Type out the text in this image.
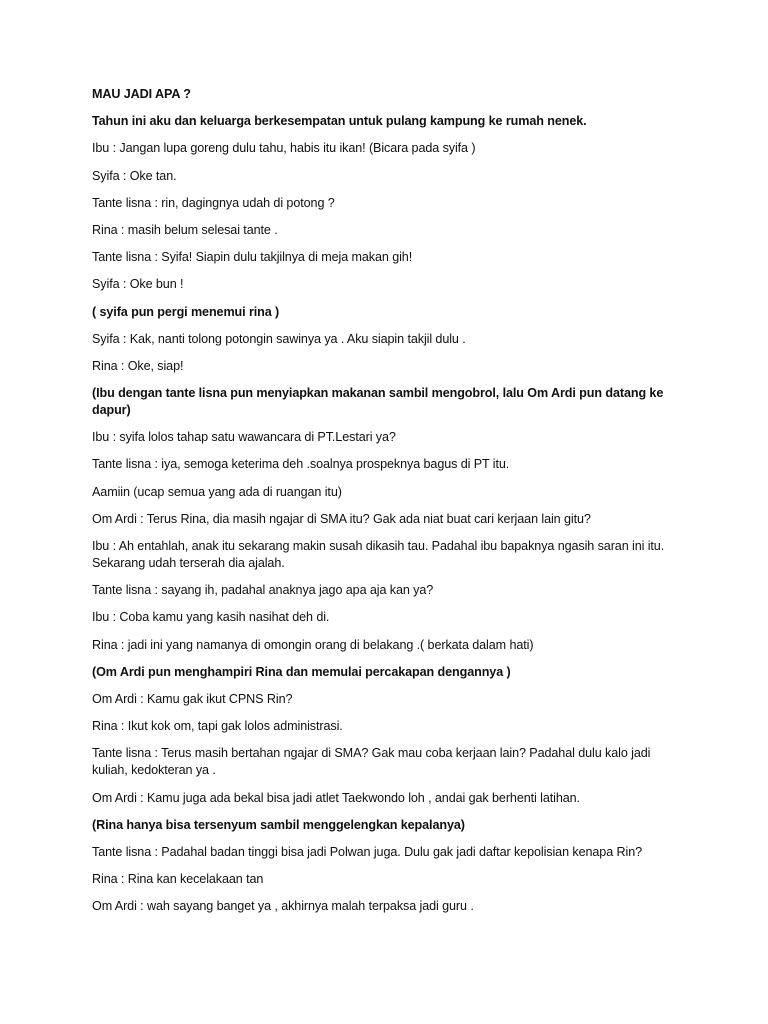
MAU JADI APA ?

Tahun ini aku dan keluarga berkesempatan untuk pulang kampung ke rumah nenek.

Ibu : Jangan lupa goreng dulu tahu, habis itu ikan! (Bicara pada syifa )

Syifa : Oke tan.

Tante lisna : rin, dagingnya udah di potong ?

Rina : masih belum selesai tante .

Tante lisna : Syifa! Siapin dulu takjilnya di meja makan gih!

Syifa : Oke bun !

( syifa pun pergi menemui rina )

Syifa : Kak, nanti tolong potongin sawinya ya . Aku siapin takjil dulu .

Rina : Oke, siap!

(Ibu dengan tante lisna pun menyiapkan makanan sambil mengobrol, lalu Om Ardi pun datang ke dapur)

Ibu : syifa lolos tahap satu wawancara di PT.Lestari ya?

Tante lisna : iya, semoga keterima deh .soalnya prospeknya bagus di PT itu.

Aamiin (ucap semua yang ada di ruangan itu)

Om Ardi : Terus Rina, dia masih ngajar di SMA itu? Gak ada niat buat cari kerjaan lain gitu?

Ibu : Ah entahlah, anak itu sekarang makin susah dikasih tau. Padahal ibu bapaknya ngasih saran ini itu. Sekarang udah terserah dia ajalah.

Tante lisna : sayang ih, padahal anaknya jago apa aja kan ya?

Ibu : Coba kamu yang kasih nasihat deh di.

Rina : jadi ini yang namanya di omongin orang di belakang .( berkata dalam hati)

(Om Ardi pun menghampiri Rina dan memulai percakapan dengannya )

Om Ardi : Kamu gak ikut CPNS Rin?

Rina : Ikut kok om, tapi gak lolos administrasi.

Tante lisna : Terus masih bertahan ngajar di SMA? Gak mau coba kerjaan lain? Padahal dulu kalo jadi kuliah, kedokteran ya .

Om Ardi : Kamu juga ada bekal bisa jadi atlet Taekwondo loh , andai gak berhenti latihan.

(Rina hanya bisa tersenyum sambil menggelengkan kepalanya)

Tante lisna : Padahal badan tinggi bisa jadi Polwan juga. Dulu gak jadi daftar kepolisian kenapa Rin?

Rina : Rina kan kecelakaan tan

Om Ardi : wah sayang banget ya , akhirnya malah terpaksa jadi guru .
